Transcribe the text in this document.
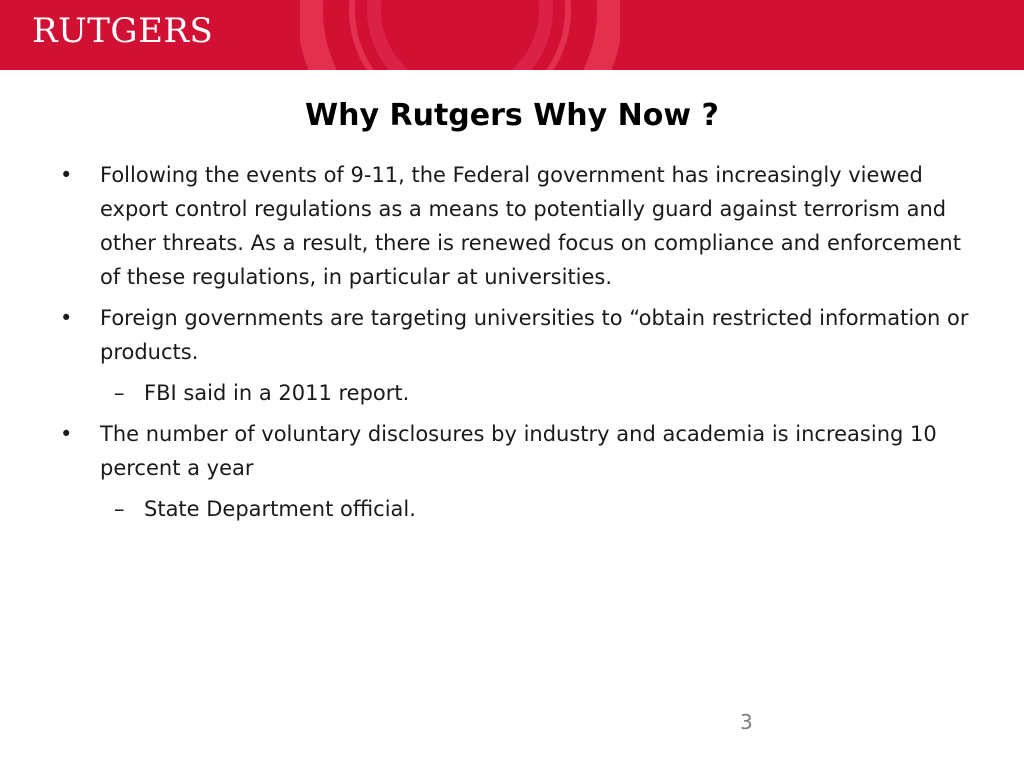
RUTGERS
Why Rutgers Why Now ?
•	Following the events of 9-11, the Federal government has increasingly viewed export control regulations as a means to potentially guard against terrorism and other threats. As a result, there is renewed focus on compliance and enforcement of these regulations, in particular at universities.
•	Foreign governments are targeting universities to “obtain restricted information or products.
– FBI said in a 2011 report.
•	The number of voluntary disclosures by industry and academia is increasing 10 percent a year
– State Department official.
3
